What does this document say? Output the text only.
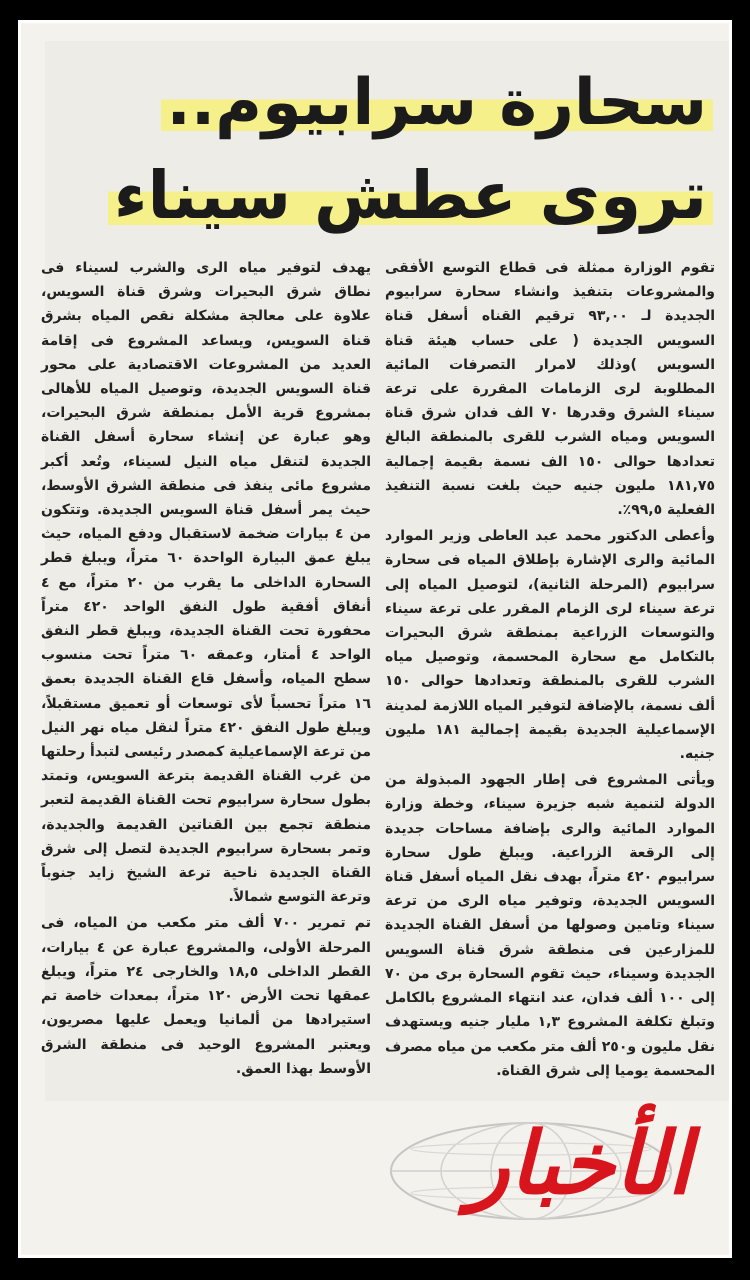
سحارة سرابيوم..
تروى عطش سيناء

تقوم الوزارة ممثلة فى قطاع التوسع الأفقى والمشروعات بتنفيذ وانشاء سحارة سرابيوم الجديدة لـ ٩٣,٠٠ ترقيم القناه أسفل قناة السويس الجديدة ( على حساب هيئة قناة السويس )وذلك لامرار التصرفات المائية المطلوبة لرى الزمامات المقررة على ترعة سيناء الشرق وقدرها ٧٠ الف فدان شرق قناة السويس ومياه الشرب للقرى بالمنطقة البالغ تعدادها حوالى ١٥٠ الف نسمة بقيمة إجمالية ١٨١,٧٥ مليون جنيه حيث بلغت نسبة التنفيذ الفعلية ٩٩,٥٪.

وأعطى الدكتور محمد عبد العاطى وزير الموارد المائية والرى الإشارة بإطلاق المياه فى سحارة سرابيوم (المرحلة الثانية)، لتوصيل المياه إلى ترعة سيناء لرى الزمام المقرر على ترعة سيناء والتوسعات الزراعية بمنطقة شرق البحيرات بالتكامل مع سحارة المحسمة، وتوصيل مياه الشرب للقرى بالمنطقة وتعدادها حوالى ١٥٠ ألف نسمة، بالإضافة لتوفير المياه اللازمة لمدينة الإسماعيلية الجديدة بقيمة إجمالية ١٨١ مليون جنيه.

ويأتى المشروع فى إطار الجهود المبذولة من الدولة لتنمية شبه جزيرة سيناء، وخطة وزارة الموارد المائية والرى بإضافة مساحات جديدة إلى الرقعة الزراعية. ويبلغ طول سحارة سرابيوم ٤٢٠ متراً، بهدف نقل المياه أسفل قناة السويس الجديدة، وتوفير مياه الرى من ترعة سيناء وتامين وصولها من أسفل القناة الجديدة للمزارعين فى منطقة شرق قناة السويس الجديدة وسيناء، حيث تقوم السحارة برى من ٧٠ إلى ١٠٠ ألف فدان، عند انتهاء المشروع بالكامل وتبلغ تكلفة المشروع ١,٣ مليار جنيه ويستهدف نقل مليون و٢٥٠ ألف متر مكعب من مياه مصرف المحسمة يوميا إلى شرق القناة.

يهدف لتوفير مياه الرى والشرب لسيناء فى نطاق شرق البحيرات وشرق قناة السويس، علاوة على معالجة مشكلة نقص المياه بشرق قناة السويس، ويساعد المشروع فى إقامة العديد من المشروعات الاقتصادية على محور قناة السويس الجديدة، وتوصيل المياه للأهالى بمشروع قرية الأمل بمنطقة شرق البحيرات، وهو عبارة عن إنشاء سحارة أسفل القناة الجديدة لتنقل مياه النيل لسيناء، وتُعد أكبر مشروع مائى ينفذ فى منطقة الشرق الأوسط، حيث يمر أسفل قناة السويس الجديدة. وتتكون من ٤ بيارات ضخمة لاستقبال ودفع المياه، حيث يبلغ عمق البيارة الواحدة ٦٠ متراً، ويبلغ قطر السحارة الداخلى ما يقرب من ٢٠ متراً، مع ٤ أنفاق أفقية طول النفق الواحد ٤٢٠ متراً محفورة تحت القناة الجديدة، ويبلغ قطر النفق الواحد ٤ أمتار، وعمقه ٦٠ متراً تحت منسوب سطح المياه، وأسفل قاع القناة الجديدة بعمق ١٦ متراً تحسباً لأى توسعات أو تعميق مستقبلاً، ويبلغ طول النفق ٤٢٠ متراً لنقل مياه نهر النيل من ترعة الإسماعيلية كمصدر رئيسى لتبدأ رحلتها من غرب القناة القديمة بترعة السويس، وتمتد بطول سحارة سرابيوم تحت القناة القديمة لتعبر منطقة تجمع بين القناتين القديمة والجديدة، وتمر بسحارة سرابيوم الجديدة لتصل إلى شرق القناة الجديدة ناحية ترعة الشيخ زايد جنوباً وترعة التوسع شمالاً.

تم تمرير ٧٠٠ ألف متر مكعب من المياه، فى المرحلة الأولى، والمشروع عبارة عن ٤ بيارات، القطر الداخلى ١٨,٥ والخارجى ٢٤ متراً، ويبلغ عمقها تحت الأرض ١٢٠ متراً، بمعدات خاصة تم استيرادها من ألمانيا ويعمل عليها مصريون، ويعتبر المشروع الوحيد فى منطقة الشرق الأوسط بهذا العمق.

الأخبار
